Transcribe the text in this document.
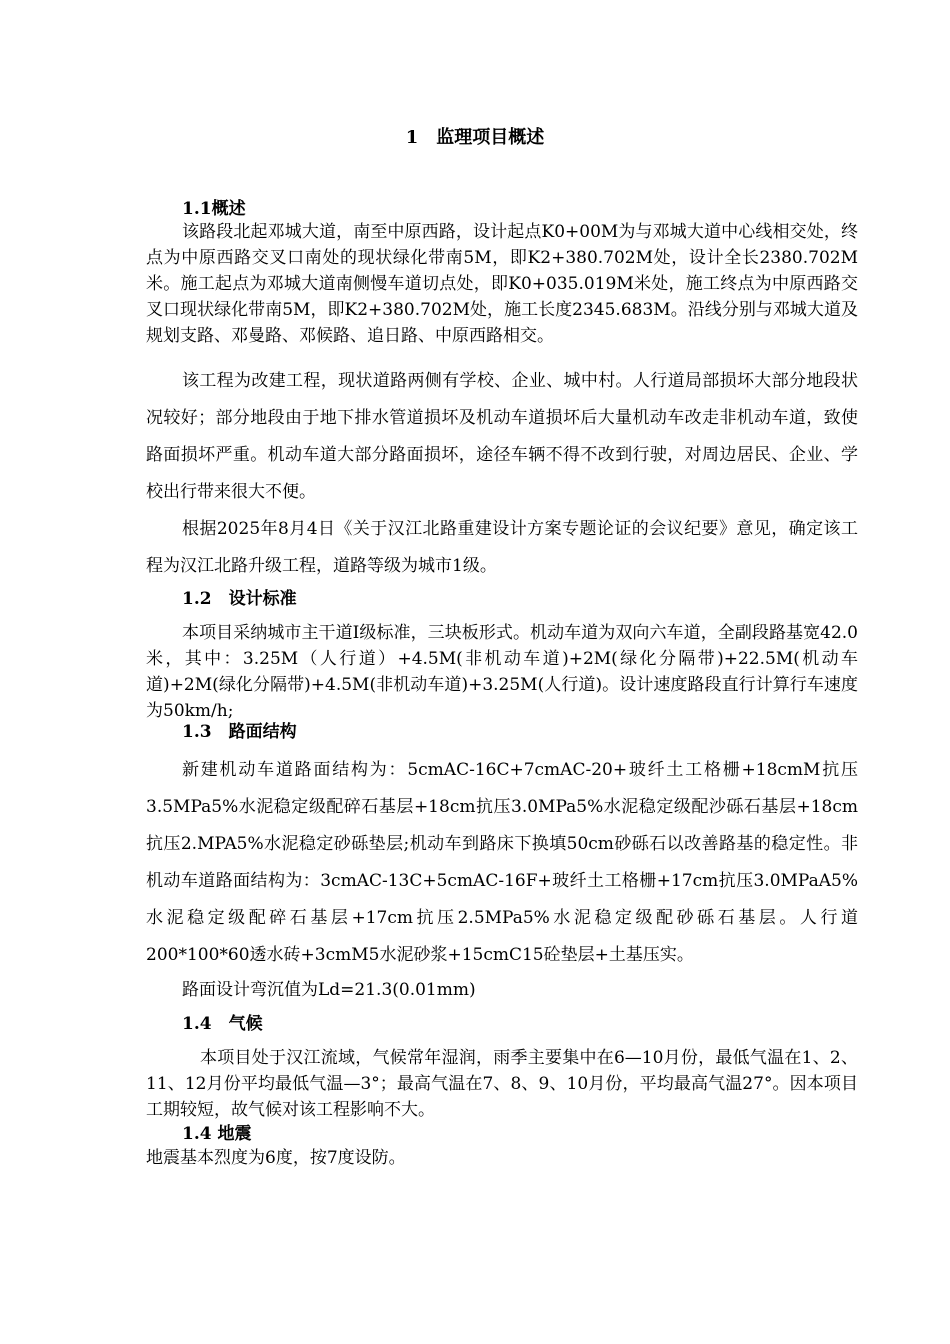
1　监理项目概述
1.1概述
该路段北起邓城大道，南至中原西路，设计起点K0+00M为与邓城大道中心线相交处，终点为中原西路交叉口南处的现状绿化带南5M，即K2+380.702M处，设计全长2380.702M米。施工起点为邓城大道南侧慢车道切点处，即K0+035.019M米处，施工终点为中原西路交叉口现状绿化带南5M，即K2+380.702M处，施工长度2345.683M。沿线分别与邓城大道及规划支路、邓曼路、邓候路、追日路、中原西路相交。
该工程为改建工程，现状道路两侧有学校、企业、城中村。人行道局部损坏大部分地段状况较好；部分地段由于地下排水管道损坏及机动车道损坏后大量机动车改走非机动车道，致使路面损坏严重。机动车道大部分路面损坏，途径车辆不得不改到行驶，对周边居民、企业、学校出行带来很大不便。
根据2025年8月4日《关于汉江北路重建设计方案专题论证的会议纪要》意见，确定该工程为汉江北路升级工程，道路等级为城市1级。
1.2　设计标准
本项目采纳城市主干道Ⅰ级标准，三块板形式。机动车道为双向六车道，全副段路基宽42.0米，其中：3.25M（人行道）+4.5M(非机动车道)+2M(绿化分隔带)+22.5M(机动车道)+2M(绿化分隔带)+4.5M(非机动车道)+3.25M(人行道)。设计速度路段直行计算行车速度为50km/h;
1.3　路面结构
新建机动车道路面结构为：5cmAC-16C+7cmAC-20+玻纤土工格栅+18cmM抗压3.5MPa5%水泥稳定级配碎石基层+18cm抗压3.0MPa5%水泥稳定级配沙砾石基层+18cm抗压2.MPA5%水泥稳定砂砾垫层;机动车到路床下换填50cm砂砾石以改善路基的稳定性。非机动车道路面结构为：3cmAC-13C+5cmAC-16F+玻纤土工格栅+17cm抗压3.0MPaA5%水泥稳定级配碎石基层+17cm抗压2.5MPa5%水泥稳定级配砂砾石基层。人行道200*100*60透水砖+3cmM5水泥砂浆+15cmC15砼垫层+土基压实。
路面设计弯沉值为Ld=21.3(0.01mm)
1.4　气候
本项目处于汉江流域，气候常年湿润，雨季主要集中在6—10月份，最低气温在1、2、11、12月份平均最低气温—3°；最高气温在7、8、9、10月份，平均最高气温27°。因本项目工期较短，故气候对该工程影响不大。
1.4 地震
地震基本烈度为6度，按7度设防。
